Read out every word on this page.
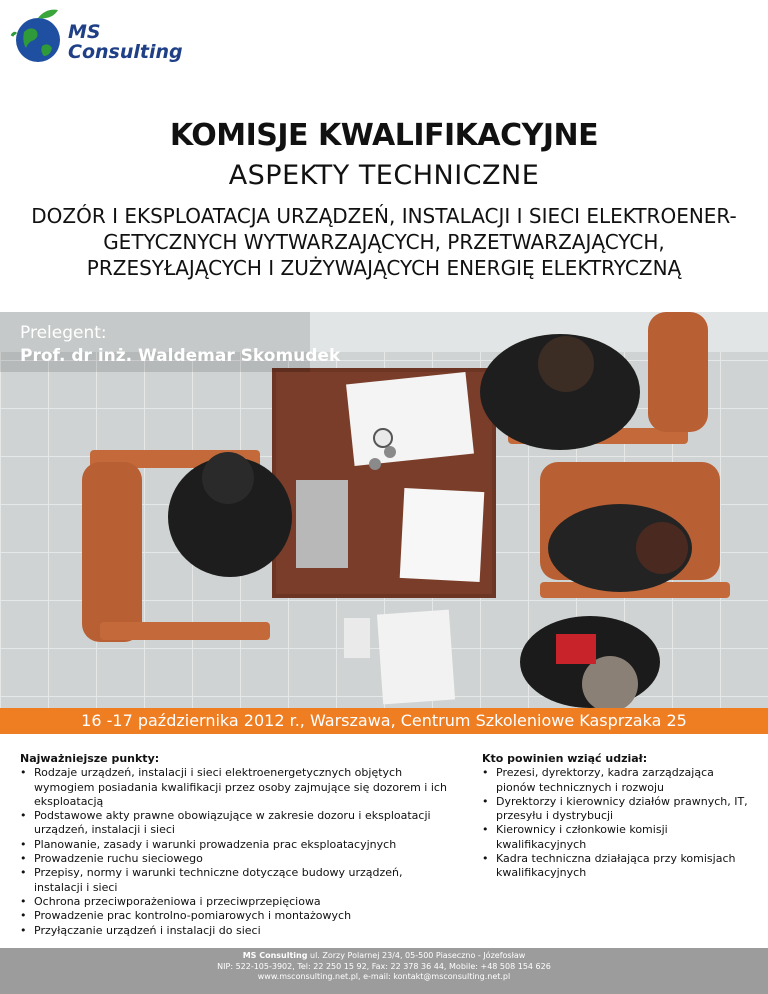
MS
Consulting
KOMISJE KWALIFIKACYJNE
ASPEKTY TECHNICZNE
DOZÓR I EKSPLOATACJA URZĄDZEŃ, INSTALACJI I SIECI ELEKTROENER-
GETYCZNYCH WYTWARZAJĄCYCH, PRZETWARZAJĄCYCH,
PRZESYŁAJĄCYCH I ZUŻYWAJĄCYCH ENERGIĘ ELEKTRYCZNĄ
Prelegent:
Prof. dr inż. Waldemar Skomudek
16 -17 października 2012 r., Warszawa, Centrum Szkoleniowe Kasprzaka 25
Najważniejsze punkty:
• Rodzaje urządzeń, instalacji i sieci elektroenergetycznych objętych wymogiem posiadania kwalifikacji przez osoby zajmujące się dozorem i ich eksploatacją
• Podstawowe akty prawne obowiązujące w zakresie dozoru i eksploatacji urządzeń, instalacji i sieci
• Planowanie, zasady i warunki prowadzenia prac eksploatacyjnych
• Prowadzenie ruchu sieciowego
• Przepisy, normy i warunki techniczne dotyczące budowy urządzeń, instalacji i sieci
• Ochrona przeciwporażeniowa i przeciwprzepięciowa
• Prowadzenie prac kontrolno-pomiarowych i montażowych
• Przyłączanie urządzeń i instalacji do sieci
Kto powinien wziąć udział:
• Prezesi, dyrektorzy, kadra zarządzająca pionów technicznych i rozwoju
• Dyrektorzy i kierownicy działów prawnych, IT, przesyłu i dystrybucji
• Kierownicy i członkowie komisji kwalifikacyjnych
• Kadra techniczna działająca przy komisjach kwalifikacyjnych
MS Consulting ul. Zorzy Polarnej 23/4, 05-500 Piaseczno - Józefosław
NIP: 522-105-3902, Tel: 22 250 15 92, Fax: 22 378 36 44, Mobile: +48 508 154 626
www.msconsulting.net.pl, e-mail: kontakt@msconsulting.net.pl
